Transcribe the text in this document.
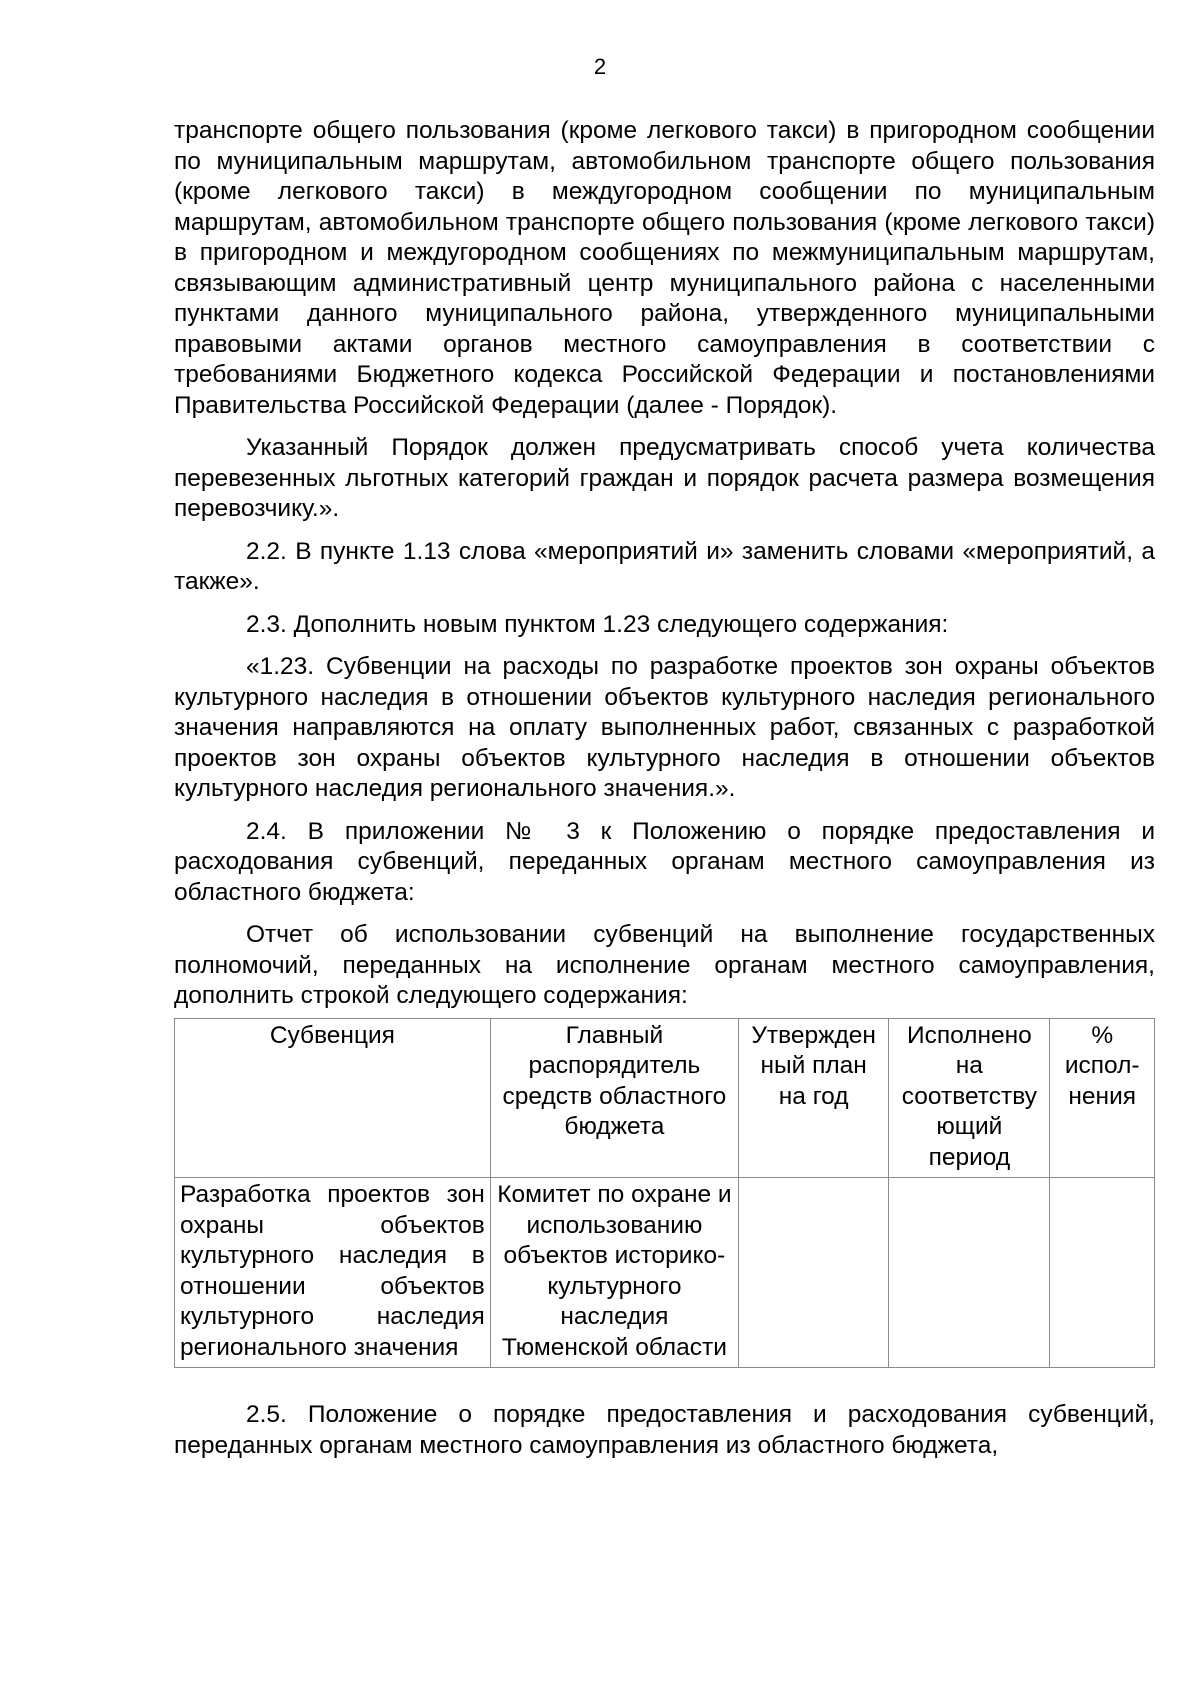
2

транспорте общего пользования (кроме легкового такси) в пригородном сообщении по муниципальным маршрутам, автомобильном транспорте общего пользования (кроме легкового такси) в междугородном сообщении по муниципальным маршрутам, автомобильном транспорте общего пользования (кроме легкового такси) в пригородном и междугородном сообщениях по межмуниципальным маршрутам, связывающим административный центр муниципального района с населенными пунктами данного муниципального района, утвержденного муниципальными правовыми актами органов местного самоуправления в соответствии с требованиями Бюджетного кодекса Российской Федерации и постановлениями Правительства Российской Федерации (далее - Порядок).

Указанный Порядок должен предусматривать способ учета количества перевезенных льготных категорий граждан и порядок расчета размера возмещения перевозчику.».

2.2. В пункте 1.13 слова «мероприятий и» заменить словами «мероприятий, а также».

2.3. Дополнить новым пунктом 1.23 следующего содержания:

«1.23. Субвенции на расходы по разработке проектов зон охраны объектов культурного наследия в отношении объектов культурного наследия регионального значения направляются на оплату выполненных работ, связанных с разработкой проектов зон охраны объектов культурного наследия в отношении объектов культурного наследия регионального значения.».

2.4. В приложении № 3 к Положению о порядке предоставления и расходования субвенций, переданных органам местного самоуправления из областного бюджета:

Отчет об использовании субвенций на выполнение государственных полномочий, переданных на исполнение органам местного самоуправления, дополнить строкой следующего содержания:

Субвенция	Главный распорядитель средств областного бюджета	Утвержден ный план на год	Исполнено на соответству ющий период	% испол- нения
Разработка проектов зон охраны объектов культурного наследия в отношении объектов культурного наследия регионального значения	Комитет по охране и использованию объектов историко- культурного наследия Тюменской области			

2.5. Положение о порядке предоставления и расходования субвенций, переданных органам местного самоуправления из областного бюджета,
